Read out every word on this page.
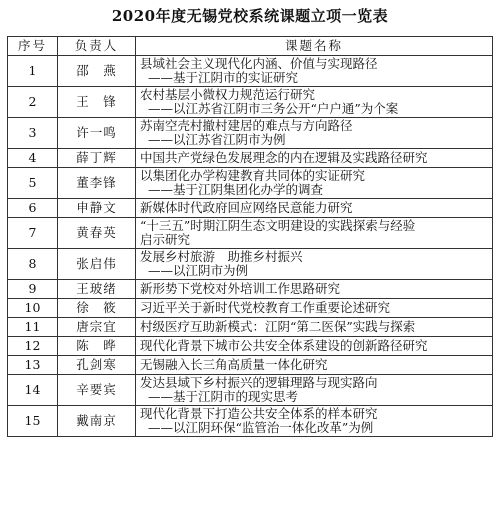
2020年度无锡党校系统课题立项一览表
序号	负责人	课题名称
1	邵　燕	县域社会主义现代化内涵、价值与实现路径
——基于江阴市的实证研究

2	王　锋	农村基层小微权力规范运行研究
——以江苏省江阴市三务公开“户户通”为个案

3	许一鸣	苏南空壳村撤村建居的难点与方向路径
——以江苏省江阴市为例

4	薛丁辉	中国共产党绿色发展理念的内在逻辑及实践路径研究

5	董李锋	以集团化办学构建教育共同体的实证研究
——基于江阴集团化办学的调查

6	申静文	新媒体时代政府回应网络民意能力研究

7	黄春英	“十三五”时期江阴生态文明建设的实践探索与经验
启示研究

8	张启伟	发展乡村旅游　助推乡村振兴
——以江阴市为例

9	王玻绪	新形势下党校对外培训工作思路研究

10	徐　筱	习近平关于新时代党校教育工作重要论述研究

11	唐宗宜	村级医疗互助新模式：江阴“第二医保”实践与探索

12	陈　晔	现代化背景下城市公共安全体系建设的创新路径研究

13	孔剑寒	无锡融入长三角高质量一体化研究

14	辛要宾	发达县域下乡村振兴的逻辑理路与现实路向
——基于江阴市的现实思考

15	戴南京	现代化背景下打造公共安全体系的样本研究
——以江阴环保“监管治一体化改革”为例
